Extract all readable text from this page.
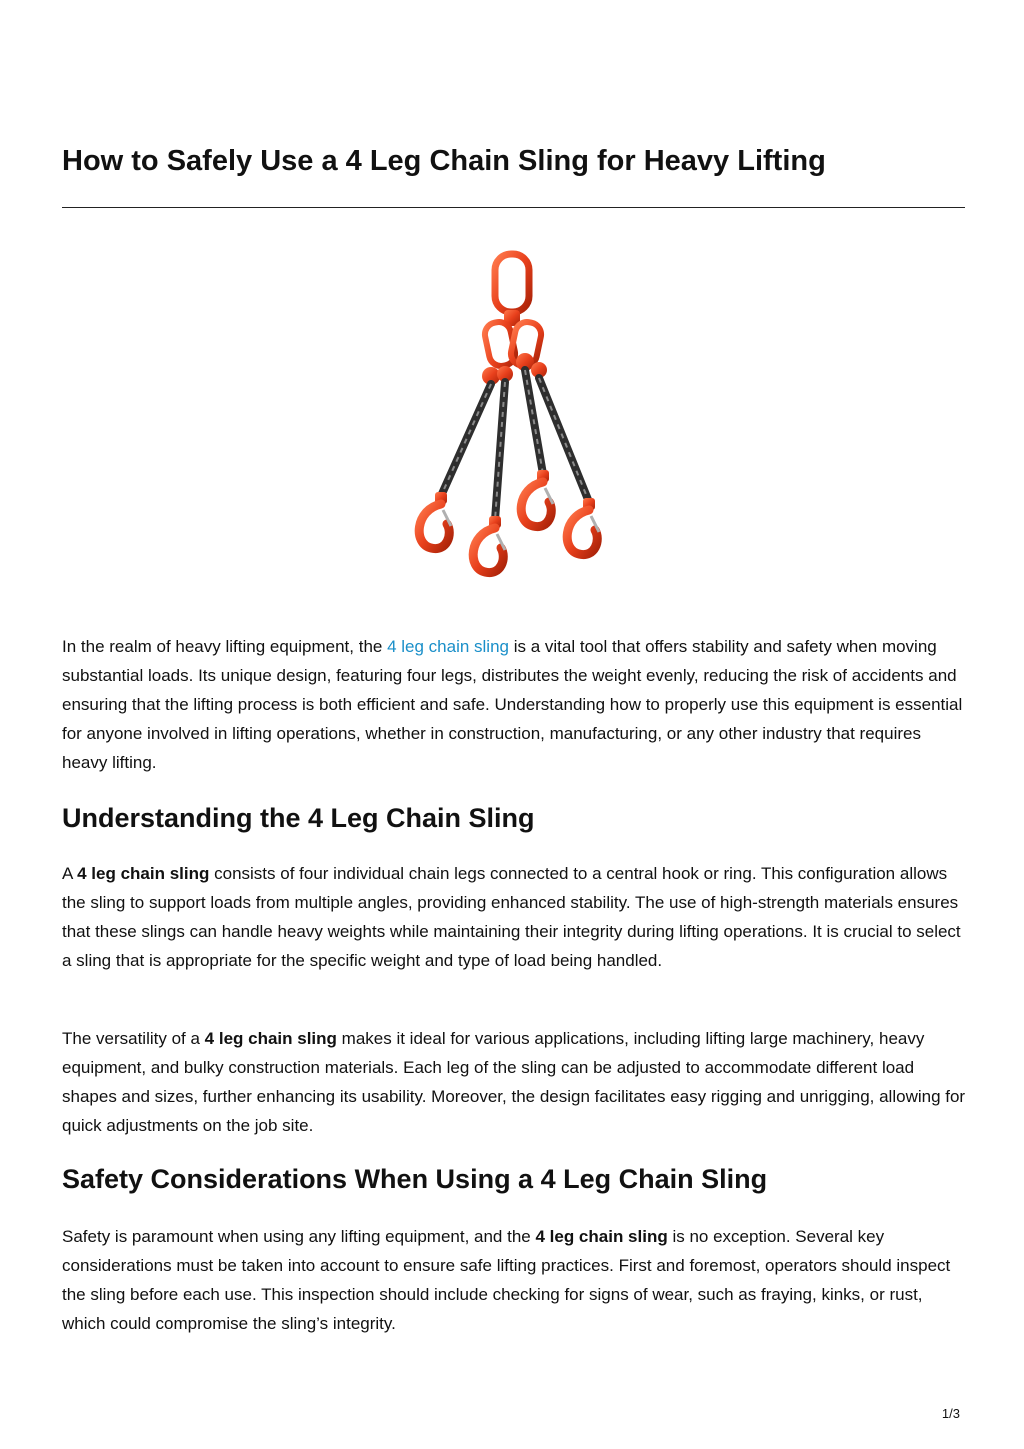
How to Safely Use a 4 Leg Chain Sling for Heavy Lifting

In the realm of heavy lifting equipment, the 4 leg chain sling is a vital tool that offers stability and safety when moving substantial loads. Its unique design, featuring four legs, distributes the weight evenly, reducing the risk of accidents and ensuring that the lifting process is both efficient and safe. Understanding how to properly use this equipment is essential for anyone involved in lifting operations, whether in construction, manufacturing, or any other industry that requires heavy lifting.

Understanding the 4 Leg Chain Sling

A 4 leg chain sling consists of four individual chain legs connected to a central hook or ring. This configuration allows the sling to support loads from multiple angles, providing enhanced stability. The use of high-strength materials ensures that these slings can handle heavy weights while maintaining their integrity during lifting operations. It is crucial to select a sling that is appropriate for the specific weight and type of load being handled.

The versatility of a 4 leg chain sling makes it ideal for various applications, including lifting large machinery, heavy equipment, and bulky construction materials. Each leg of the sling can be adjusted to accommodate different load shapes and sizes, further enhancing its usability. Moreover, the design facilitates easy rigging and unrigging, allowing for quick adjustments on the job site.

Safety Considerations When Using a 4 Leg Chain Sling

Safety is paramount when using any lifting equipment, and the 4 leg chain sling is no exception. Several key considerations must be taken into account to ensure safe lifting practices. First and foremost, operators should inspect the sling before each use. This inspection should include checking for signs of wear, such as fraying, kinks, or rust, which could compromise the sling’s integrity.

1/3
